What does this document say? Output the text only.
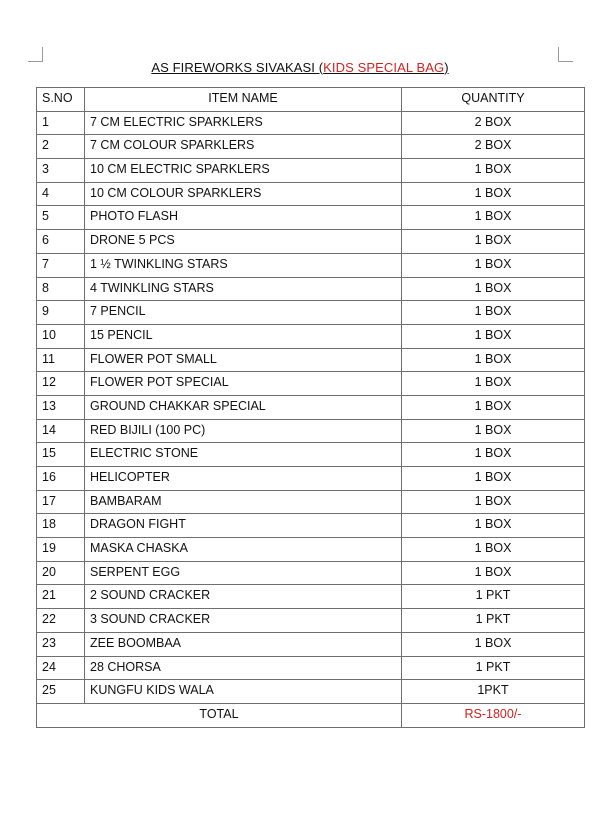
AS FIREWORKS SIVAKASI (KIDS SPECIAL BAG)
S.NO	ITEM NAME	QUANTITY
1	7 CM ELECTRIC SPARKLERS	2 BOX
2	7 CM COLOUR SPARKLERS	2 BOX
3	10 CM ELECTRIC SPARKLERS	1 BOX
4	10 CM COLOUR SPARKLERS	1 BOX
5	PHOTO FLASH	1 BOX
6	DRONE 5 PCS	1 BOX
7	1 ½ TWINKLING STARS	1 BOX
8	4 TWINKLING STARS	1 BOX
9	7 PENCIL	1 BOX
10	15 PENCIL	1 BOX
11	FLOWER POT SMALL	1 BOX
12	FLOWER POT SPECIAL	1 BOX
13	GROUND CHAKKAR SPECIAL	1 BOX
14	RED BIJILI (100 PC)	1 BOX
15	ELECTRIC STONE	1 BOX
16	HELICOPTER	1 BOX
17	BAMBARAM	1 BOX
18	DRAGON FIGHT	1 BOX
19	MASKA CHASKA	1 BOX
20	SERPENT EGG	1 BOX
21	2 SOUND CRACKER	1 PKT
22	3 SOUND CRACKER	1 PKT
23	ZEE BOOMBAA	1 BOX
24	28 CHORSA	1 PKT
25	KUNGFU KIDS WALA	1PKT
TOTAL		RS-1800/-
